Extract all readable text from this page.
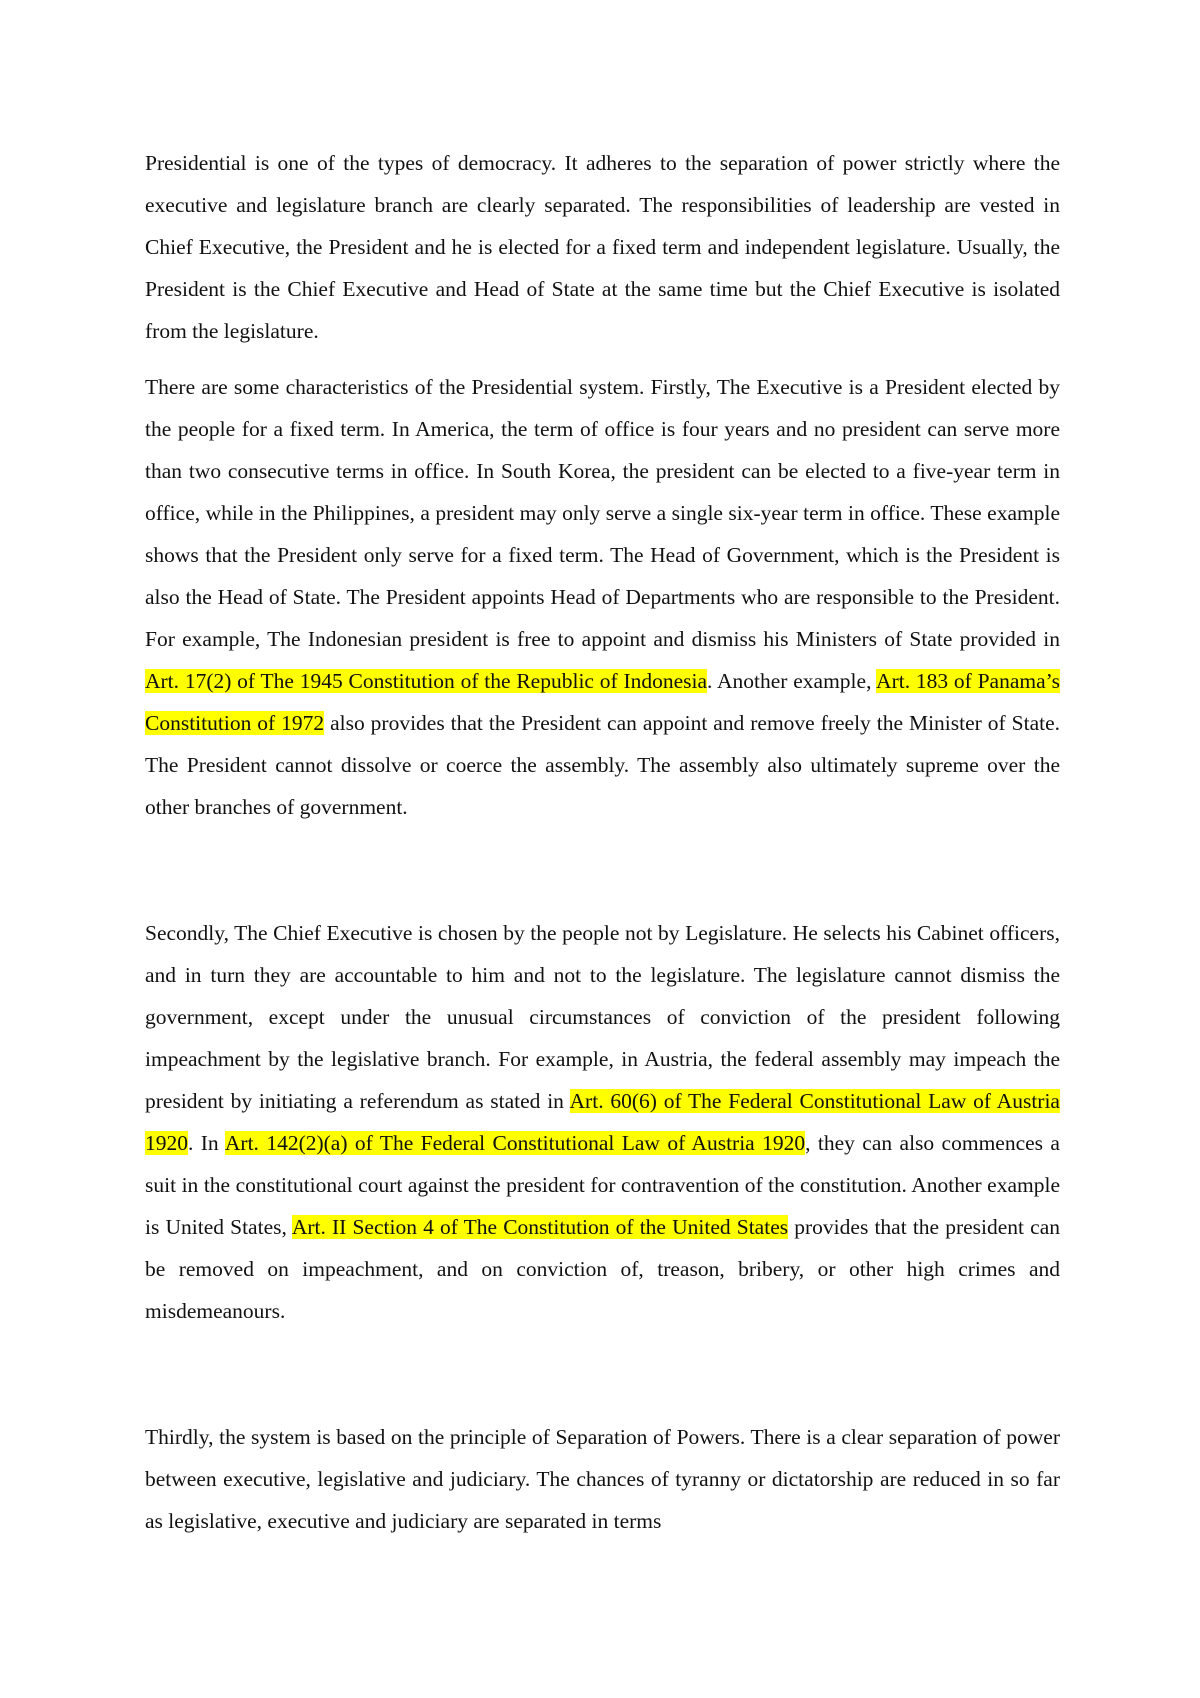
Presidential is one of the types of democracy. It adheres to the separation of power strictly where the executive and legislature branch are clearly separated. The responsibilities of leadership are vested in Chief Executive, the President and he is elected for a fixed term and independent legislature. Usually, the President is the Chief Executive and Head of State at the same time but the Chief Executive is isolated from the legislature.

There are some characteristics of the Presidential system. Firstly, The Executive is a President elected by the people for a fixed term. In America, the term of office is four years and no president can serve more than two consecutive terms in office. In South Korea, the president can be elected to a five-year term in office, while in the Philippines, a president may only serve a single six-year term in office. These example shows that the President only serve for a fixed term. The Head of Government, which is the President is also the Head of State. The President appoints Head of Departments who are responsible to the President. For example, The Indonesian president is free to appoint and dismiss his Ministers of State provided in Art. 17(2) of The 1945 Constitution of the Republic of Indonesia. Another example, Art. 183 of Panama’s Constitution of 1972 also provides that the President can appoint and remove freely the Minister of State. The President cannot dissolve or coerce the assembly. The assembly also ultimately supreme over the other branches of government.

Secondly, The Chief Executive is chosen by the people not by Legislature. He selects his Cabinet officers, and in turn they are accountable to him and not to the legislature. The legislature cannot dismiss the government, except under the unusual circumstances of conviction of the president following impeachment by the legislative branch. For example, in Austria, the federal assembly may impeach the president by initiating a referendum as stated in Art. 60(6) of The Federal Constitutional Law of Austria 1920. In Art. 142(2)(a) of The Federal Constitutional Law of Austria 1920, they can also commences a suit in the constitutional court against the president for contravention of the constitution. Another example is United States, Art. II Section 4 of The Constitution of the United States provides that the president can be removed on impeachment, and on conviction of, treason, bribery, or other high crimes and misdemeanours.

Thirdly, the system is based on the principle of Separation of Powers. There is a clear separation of power between executive, legislative and judiciary. The chances of tyranny or dictatorship are reduced in so far as legislative, executive and judiciary are separated in terms
